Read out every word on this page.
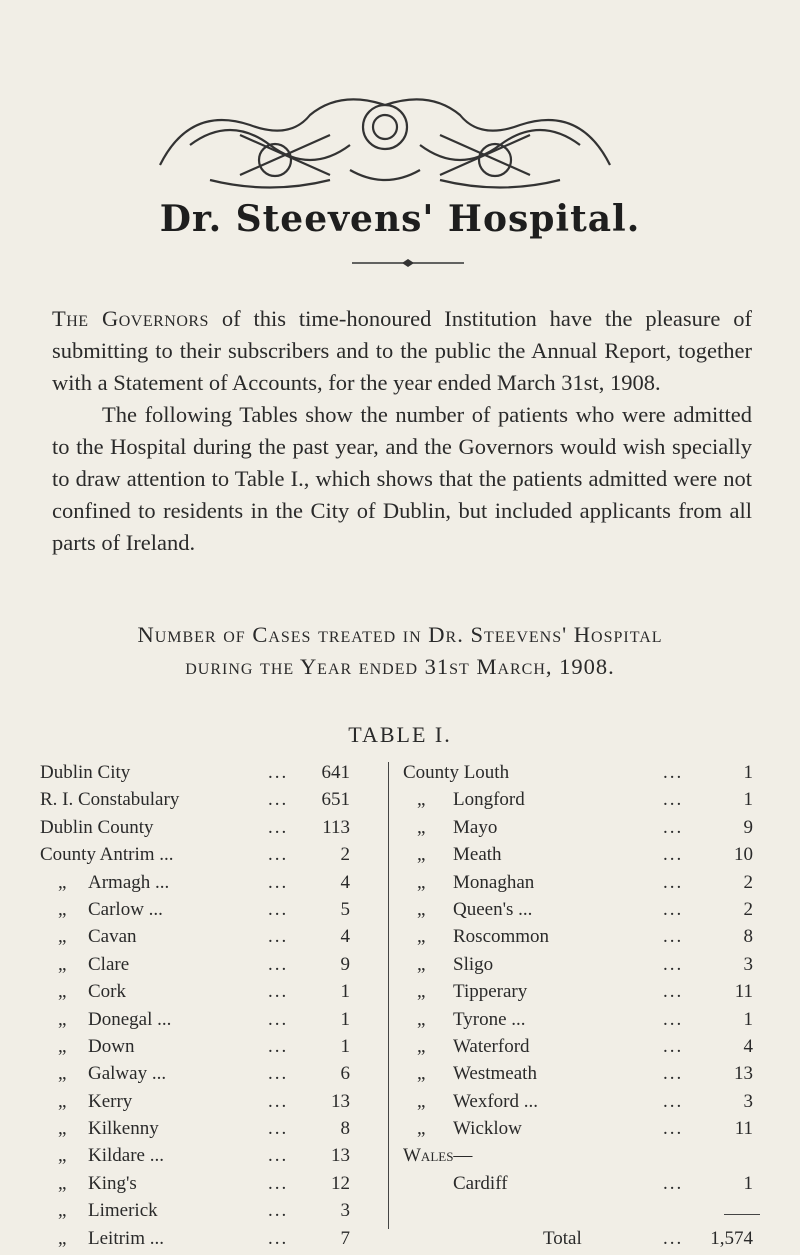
Dr. Steevens' Hospital.

The Governors of this time-honoured Institution have the pleasure of submitting to their subscribers and to the public the Annual Report, together with a Statement of Accounts, for the year ended March 31st, 1908.

The following Tables show the number of patients who were admitted to the Hospital during the past year, and the Governors would wish specially to draw attention to Table I., which shows that the patients admitted were not confined to residents in the City of Dublin, but included applicants from all parts of Ireland.

Number of Cases treated in Dr. Steevens' Hospital
during the Year ended 31st March, 1908.
TABLE I.
Dublin City	...	641
R. I. Constabulary	...	651
Dublin County	...	113
County Antrim ...	...	2
„ Armagh ...	...	4
„ Carlow ...	...	5
„ Cavan	...	4
„ Clare	...	9
„ Cork	...	1
„ Donegal ...	...	1
„ Down	...	1
„ Galway ...	...	6
„ Kerry	...	13
„ Kilkenny	...	8
„ Kildare ...	...	13
„ King's	...	12
„ Limerick	...	3
„ Leitrim ...	...	7
County Louth	...	1
„ Longford	...	1
„ Mayo	...	9
„ Meath	...	10
„ Monaghan	...	2
„ Queen's ...	...	2
„ Roscommon	...	8
„ Sligo	...	3
„ Tipperary	...	11
„ Tyrone ...	...	1
„ Waterford	...	4
„ Westmeath	...	13
„ Wexford ...	...	3
„ Wicklow	...	11
Wales—
Cardiff	...	1
Total	...	1,574
